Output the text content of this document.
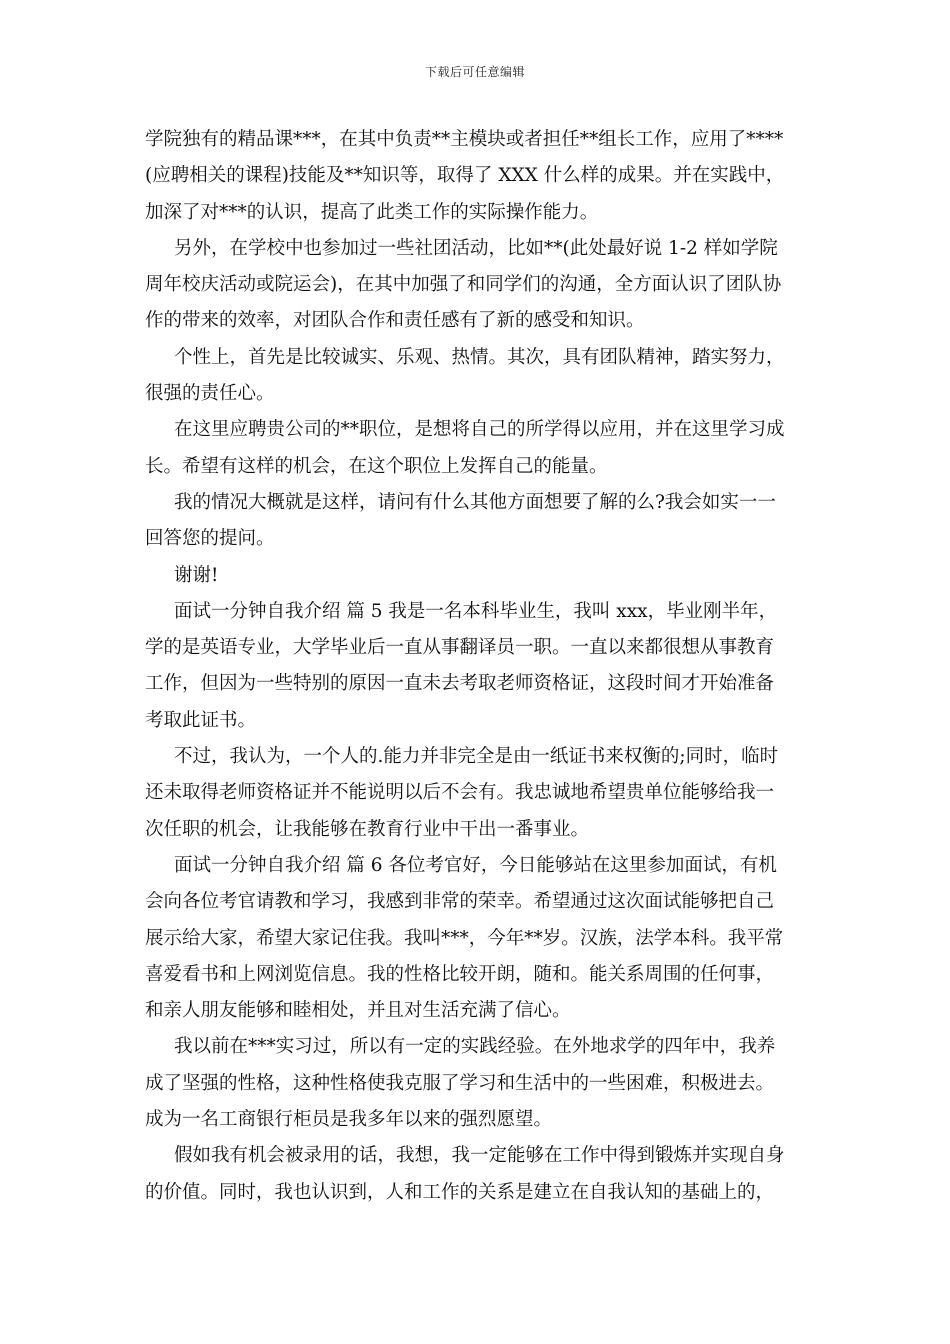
下载后可任意编辑
学院独有的精品课***，在其中负责**主模块或者担任**组长工作，应用了****
(应聘相关的课程)技能及**知识等，取得了 XXX 什么样的成果。并在实践中，
加深了对***的认识，提高了此类工作的实际操作能力。
另外，在学校中也参加过一些社团活动，比如**(此处最好说 1-2 样如学院
周年校庆活动或院运会)，在其中加强了和同学们的沟通，全方面认识了团队协
作的带来的效率，对团队合作和责任感有了新的感受和知识。
个性上，首先是比较诚实、乐观、热情。其次，具有团队精神，踏实努力，
很强的责任心。
在这里应聘贵公司的**职位，是想将自己的所学得以应用，并在这里学习成
长。希望有这样的机会，在这个职位上发挥自己的能量。
我的情况大概就是这样，请问有什么其他方面想要了解的么?我会如实一一
回答您的提问。
谢谢!
面试一分钟自我介绍 篇 5 我是一名本科毕业生，我叫 xxx，毕业刚半年，
学的是英语专业，大学毕业后一直从事翻译员一职。一直以来都很想从事教育
工作，但因为一些特别的原因一直未去考取老师资格证，这段时间才开始准备
考取此证书。
不过，我认为，一个人的.能力并非完全是由一纸证书来权衡的;同时，临时
还未取得老师资格证并不能说明以后不会有。我忠诚地希望贵单位能够给我一
次任职的机会，让我能够在教育行业中干出一番事业。
面试一分钟自我介绍 篇 6 各位考官好，今日能够站在这里参加面试，有机
会向各位考官请教和学习，我感到非常的荣幸。希望通过这次面试能够把自己
展示给大家，希望大家记住我。我叫***，今年**岁。汉族，法学本科。我平常
喜爱看书和上网浏览信息。我的性格比较开朗，随和。能关系周围的任何事，
和亲人朋友能够和睦相处，并且对生活充满了信心。
我以前在***实习过，所以有一定的实践经验。在外地求学的四年中，我养
成了坚强的性格，这种性格使我克服了学习和生活中的一些困难，积极进去。
成为一名工商银行柜员是我多年以来的强烈愿望。
假如我有机会被录用的话，我想，我一定能够在工作中得到锻炼并实现自身
的价值。同时，我也认识到，人和工作的关系是建立在自我认知的基础上的，
